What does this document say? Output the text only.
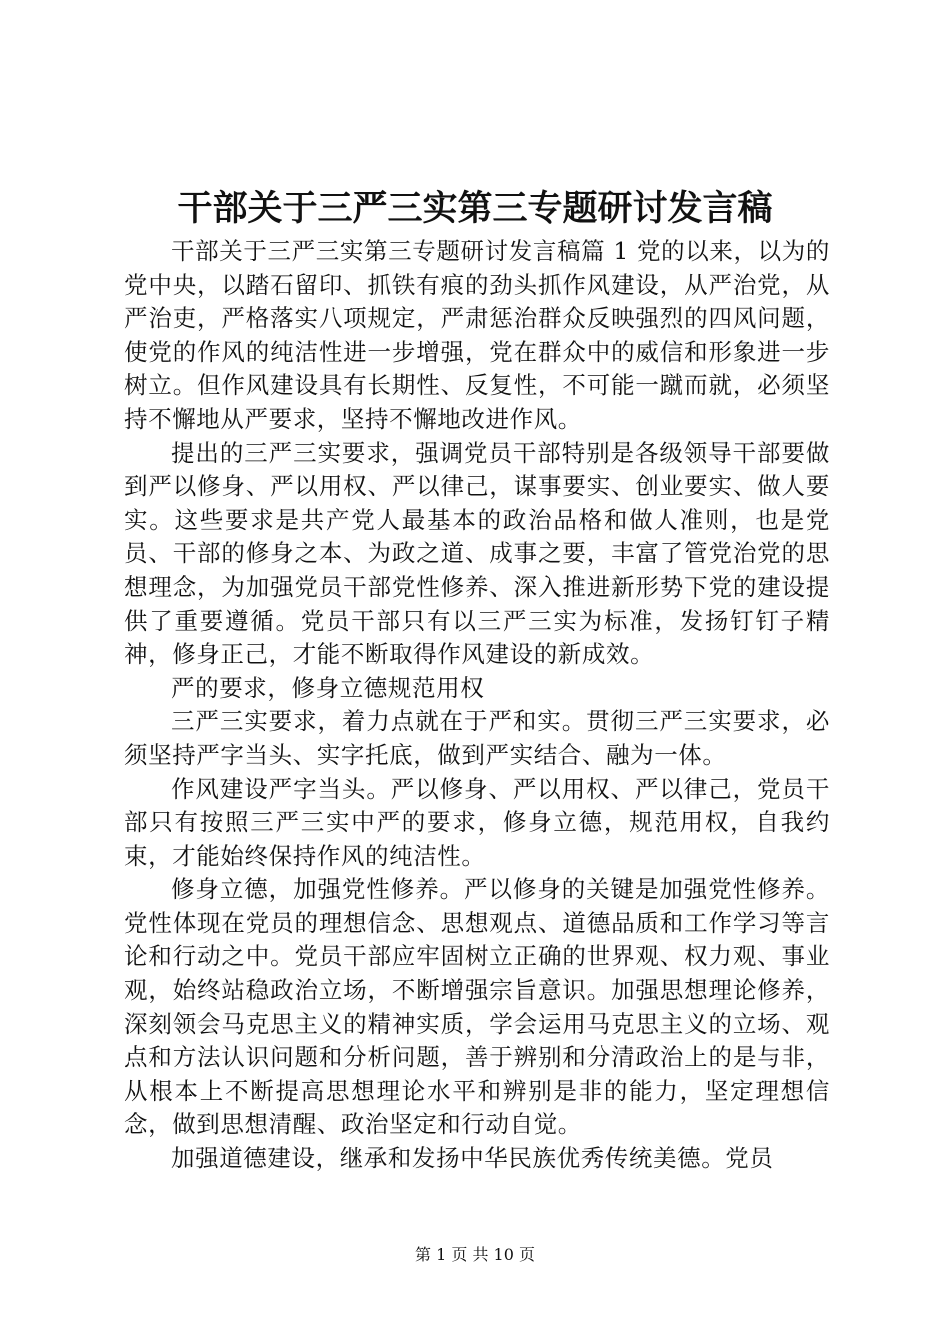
干部关于三严三实第三专题研讨发言稿

干部关于三严三实第三专题研讨发言稿篇 1 党的以来，以为的党中央，以踏石留印、抓铁有痕的劲头抓作风建设，从严治党，从严治吏，严格落实八项规定，严肃惩治群众反映强烈的四风问题，使党的作风的纯洁性进一步增强，党在群众中的威信和形象进一步树立。但作风建设具有长期性、反复性，不可能一蹴而就，必须坚持不懈地从严要求，坚持不懈地改进作风。

提出的三严三实要求，强调党员干部特别是各级领导干部要做到严以修身、严以用权、严以律己，谋事要实、创业要实、做人要实。这些要求是共产党人最基本的政治品格和做人准则，也是党员、干部的修身之本、为政之道、成事之要，丰富了管党治党的思想理念，为加强党员干部党性修养、深入推进新形势下党的建设提供了重要遵循。党员干部只有以三严三实为标准，发扬钉钉子精神，修身正己，才能不断取得作风建设的新成效。

严的要求，修身立德规范用权

三严三实要求，着力点就在于严和实。贯彻三严三实要求，必须坚持严字当头、实字托底，做到严实结合、融为一体。

作风建设严字当头。严以修身、严以用权、严以律己，党员干部只有按照三严三实中严的要求，修身立德，规范用权，自我约束，才能始终保持作风的纯洁性。

修身立德，加强党性修养。严以修身的关键是加强党性修养。党性体现在党员的理想信念、思想观点、道德品质和工作学习等言论和行动之中。党员干部应牢固树立正确的世界观、权力观、事业观，始终站稳政治立场，不断增强宗旨意识。加强思想理论修养，深刻领会马克思主义的精神实质，学会运用马克思主义的立场、观点和方法认识问题和分析问题，善于辨别和分清政治上的是与非，从根本上不断提高思想理论水平和辨别是非的能力，坚定理想信念，做到思想清醒、政治坚定和行动自觉。

加强道德建设，继承和发扬中华民族优秀传统美德。党员

第 1 页 共 10 页
